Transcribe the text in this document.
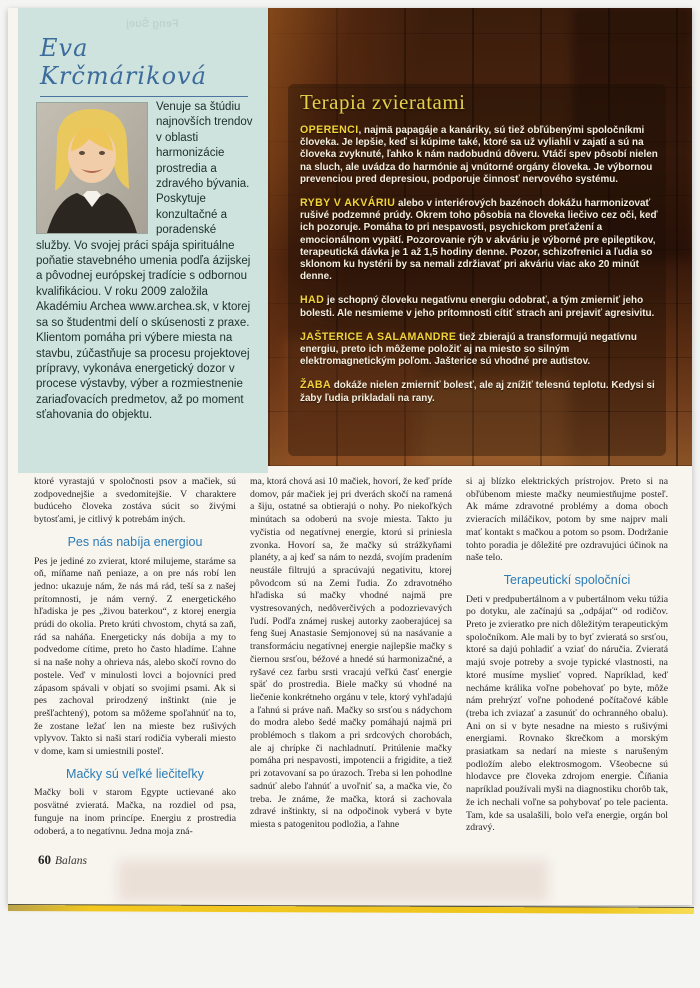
Feng Šuej
Eva Krčmáriková
Venuje sa štúdiu najnovších trendov v oblasti harmonizácie prostredia a zdravého bývania. Poskytuje konzultačné a poradenské služby. Vo svojej práci spája spirituálne poňatie stavebného umenia podľa ázijskej a pôvodnej európskej tradície s odbornou kvalifikáciou. V roku 2009 založila Akadémiu Archea www.archea.sk, v ktorej sa so študentmi delí o skúsenosti z praxe. Klientom pomáha pri výbere miesta na stavbu, zúčastňuje sa procesu projektovej prípravy, vykonáva energetický dozor v procese výstavby, výber a rozmiestnenie zariaďovacích predmetov, až po moment sťahovania do objektu.
Terapia zvieratami

OPERENCI, najmä papagáje a kanáriky, sú tiež obľúbenými spoločníkmi človeka. Je lepšie, keď si kúpime také, ktoré sa už vyliahli v zajatí a sú na človeka zvyknuté, ľahko k nám nadobudnú dôveru. Vtáčí spev pôsobí nielen na sluch, ale uvádza do harmónie aj vnútorné orgány človeka. Je výbornou prevenciou pred depresiou, podporuje činnosť nervového systému.

RYBY V AKVÁRIU alebo v interiérových bazénoch dokážu harmonizovať rušivé podzemné prúdy. Okrem toho pôsobia na človeka liečivo cez oči, keď ich pozoruje. Pomáha to pri nespavosti, psychickom preťažení a emocionálnom vypätí. Pozorovanie rýb v akváriu je výborné pre epileptikov, terapeutická dávka je 1 až 1,5 hodiny denne. Pozor, schizofrenici a ľudia so sklonom ku hystérii by sa nemali zdržiavať pri akváriu viac ako 20 minút denne.

HAD je schopný človeku negatívnu energiu odobrať, a tým zmierniť jeho bolesti. Ale nesmieme v jeho prítomnosti cítiť strach ani prejaviť agresivitu.

JAŠTERICE A SALAMANDRE tiež zbierajú a transformujú negatívnu energiu, preto ich môžeme položiť aj na miesto so silným elektromagnetickým poľom. Jašterice sú vhodné pre autistov.

ŽABA dokáže nielen zmierniť bolesť, ale aj znížiť telesnú teplotu. Kedysi si žaby ľudia prikladali na rany.

ktoré vyrastajú v spoločnosti psov a mačiek, sú zodpovednejšie a svedomitejšie. V charaktere budúceho človeka zostáva súcit so živými bytosťami, je citlivý k potrebám iných.

Pes nás nabíja energiou

Pes je jediné zo zvierat, ktoré milujeme, staráme sa oň, míňame naň peniaze, a on pre nás robí len jedno: ukazuje nám, že nás má rád, teší sa z našej prítomnosti, je nám verný. Z energetického hľadiska je pes „živou baterkou“, z ktorej energia prúdi do okolia. Preto krúti chvostom, chytá sa zaň, rád sa naháňa. Energeticky nás dobíja a my to podvedome cítime, preto ho často hladíme. Ľahne si na naše nohy a ohrieva nás, alebo skočí rovno do postele. Veď v minulosti lovci a bojovníci pred zápasom spávali v objatí so svojimi psami. Ak si pes zachoval prirodzený inštinkt (nie je prešľachtený), potom sa môžeme spoľahnúť na to, že zostane ležať len na mieste bez rušivých vplyvov. Takto si naši starí rodičia vyberali miesto v dome, kam si umiestnili posteľ.

Mačky sú veľké liečiteľky

Mačky boli v starom Egypte uctievané ako posvätné zvieratá. Mačka, na rozdiel od psa, funguje na inom princípe. Energiu z prostredia odoberá, a to negatívnu. Jedna moja zná-

ma, ktorá chová asi 10 mačiek, hovorí, že keď príde domov, pár mačiek jej pri dverách skočí na ramená a šiju, ostatné sa obtierajú o nohy. Po niekoľkých minútach sa odoberú na svoje miesta. Takto ju vyčistia od negatívnej energie, ktorú si priniesla zvonka. Hovorí sa, že mačky sú strážkyňami planéty, a aj keď sa nám to nezdá, svojím pradením neustále filtrujú a spracúvajú negativitu, ktorej pôvodcom sú na Zemi ľudia. Zo zdravotného hľadiska sú mačky vhodné najmä pre vystresovaných, nedôverčivých a podozrievavých ľudí. Podľa známej ruskej autorky zaoberajúcej sa feng šuej Anastasie Semjonovej sú na nasávanie a transformáciu negatívnej energie najlepšie mačky s čiernou srsťou, béžové a hnedé sú harmonizačné, a ryšavé cez farbu srsti vracajú veľkú časť energie späť do prostredia. Biele mačky sú vhodné na liečenie konkrétneho orgánu v tele, ktorý vyhľadajú a ľahnú si práve naň. Mačky so srsťou s nádychom do modra alebo šedé mačky pomáhajú najmä pri problémoch s tlakom a pri srdcových chorobách, ale aj chrípke či nachladnutí. Pritúlenie mačky pomáha pri nespavosti, impotencii a frigidite, a tiež pri zotavovaní sa po úrazoch. Treba si len pohodlne sadnúť alebo ľahnúť a uvoľniť sa, a mačka vie, čo treba. Je známe, že mačka, ktorá si zachovala zdravé inštinkty, si na odpočinok vyberá v byte miesta s patogenitou podložia, a ľahne

si aj blízko elektrických prístrojov. Preto si na obľúbenom mieste mačky neumiestňujme posteľ. Ak máme zdravotné problémy a doma oboch zvieracích miláčikov, potom by sme najprv mali mať kontakt s mačkou a potom so psom. Dodržanie tohto poradia je dôležité pre ozdravujúci účinok na naše telo.

Terapeutickí spoločníci

Deti v predpubertálnom a v pubertálnom veku túžia po dotyku, ale začínajú sa „odpájať“ od rodičov. Preto je zvieratko pre nich dôležitým terapeutickým spoločníkom. Ale mali by to byť zvieratá so srsťou, ktoré sa dajú pohladiť a vziať do náručia. Zvieratá majú svoje potreby a svoje typické vlastnosti, na ktoré musíme myslieť vopred. Napríklad, keď necháme králika voľne pobehovať po byte, môže nám prehrýzť voľne pohodené počítačové káble (treba ich zviazať a zasunúť do ochranného obalu). Ani on si v byte nesadne na miesto s rušivými energiami. Rovnako škrečkom a morským prasiatkam sa nedarí na mieste s narušeným podložím alebo elektrosmogom. Všeobecne sú hlodavce pre človeka zdrojom energie. Číňania napríklad používali myši na diagnostiku chorôb tak, že ich nechali voľne sa pohybovať po tele pacienta. Tam, kde sa usalašili, bolo veľa energie, orgán bol zdravý.

60 Balans
